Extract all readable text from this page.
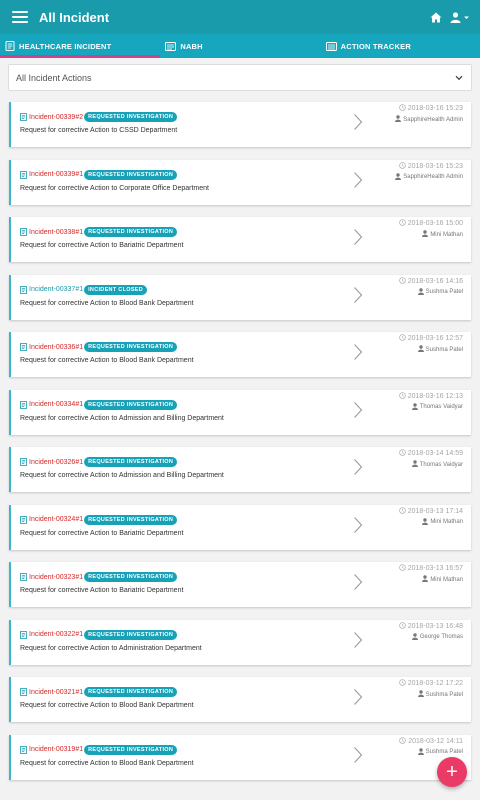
All Incident
HEALTHCARE INCIDENT	NABH	ACTION TRACKER
All Incident Actions
Incident-00339#2 REQUESTED INVESTIGATION
Request for corrective Action to CSSD Department
2018-03-16 15:23
SapphireHealth Admin
Incident-00339#1 REQUESTED INVESTIGATION
Request for corrective Action to Corporate Office Department
2018-03-16 15:23
SapphireHealth Admin
Incident-00338#1 REQUESTED INVESTIGATION
Request for corrective Action to Bariatric Department
2018-03-16 15:00
Mini Mathan
Incident-00337#1 INCIDENT CLOSED
Request for corrective Action to Blood Bank Department
2018-03-16 14:16
Sushma Patel
Incident-00336#1 REQUESTED INVESTIGATION
Request for corrective Action to Blood Bank Department
2018-03-16 12:57
Sushma Patel
Incident-00334#1 REQUESTED INVESTIGATION
Request for corrective Action to Admission and Billing Department
2018-03-16 12:13
Thomas Vaidyar
Incident-00326#1 REQUESTED INVESTIGATION
Request for corrective Action to Admission and Billing Department
2018-03-14 14:59
Thomas Vaidyar
Incident-00324#1 REQUESTED INVESTIGATION
Request for corrective Action to Bariatric Department
2018-03-13 17:14
Mini Mathan
Incident-00323#1 REQUESTED INVESTIGATION
Request for corrective Action to Bariatric Department
2018-03-13 16:57
Mini Mathan
Incident-00322#1 REQUESTED INVESTIGATION
Request for corrective Action to Administration Department
2018-03-13 16:48
George Thomas
Incident-00321#1 REQUESTED INVESTIGATION
Request for corrective Action to Blood Bank Department
2018-03-12 17:22
Sushma Patel
Incident-00319#1 REQUESTED INVESTIGATION
Request for corrective Action to Blood Bank Department
2018-03-12 14:11
Sushma Patel
+
